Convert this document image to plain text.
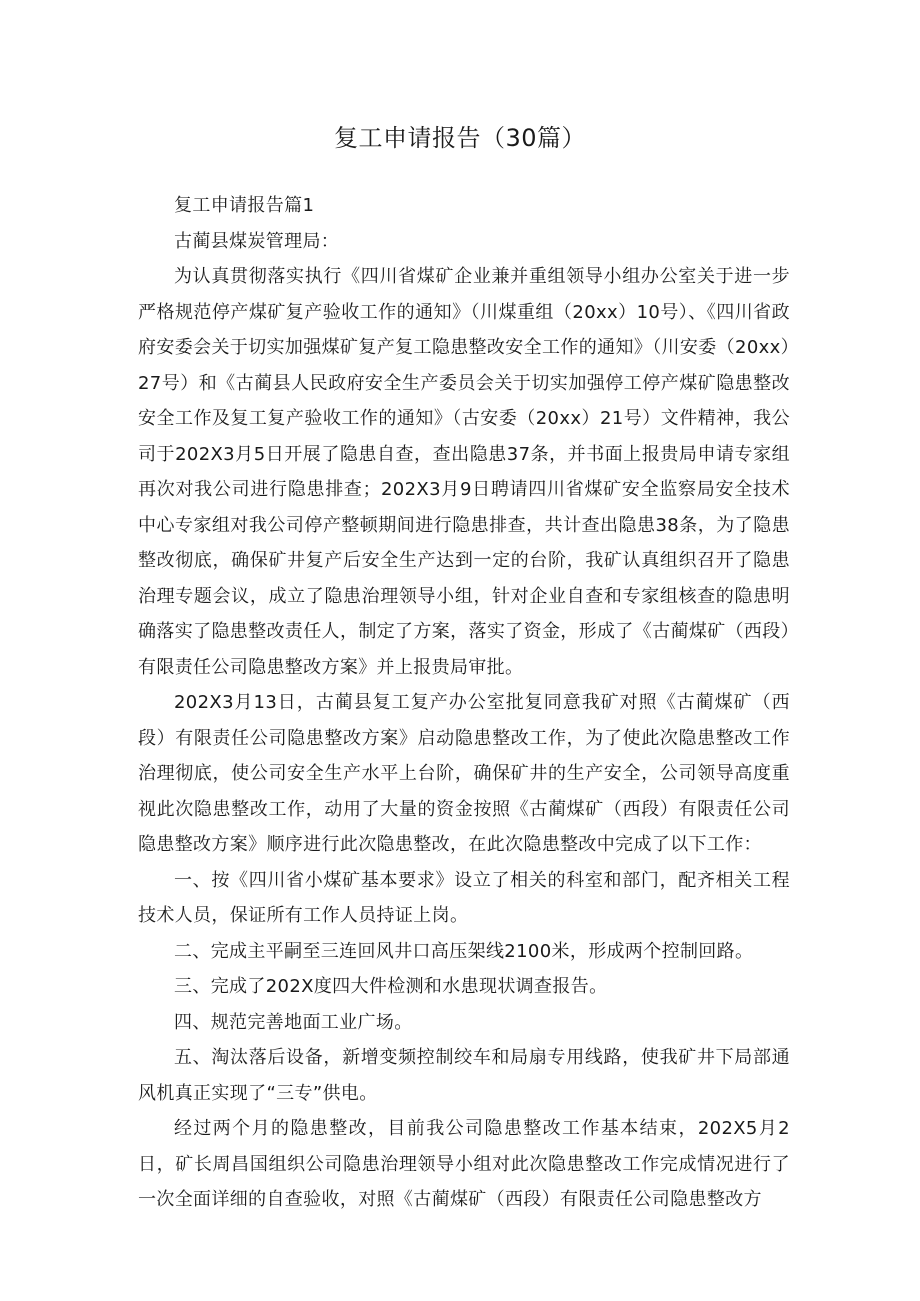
复工申请报告（30篇）

复工申请报告篇1

古蔺县煤炭管理局：

为认真贯彻落实执行《四川省煤矿企业兼并重组领导小组办公室关于进一步严格规范停产煤矿复产验收工作的通知》（川煤重组（20xx）10号）、《四川省政府安委会关于切实加强煤矿复产复工隐患整改安全工作的通知》（川安委（20xx）27号）和《古蔺县人民政府安全生产委员会关于切实加强停工停产煤矿隐患整改安全工作及复工复产验收工作的通知》（古安委（20xx）21号）文件精神，我公司于202X3月5日开展了隐患自查，查出隐患37条，并书面上报贵局申请专家组再次对我公司进行隐患排查；202X3月9日聘请四川省煤矿安全监察局安全技术中心专家组对我公司停产整顿期间进行隐患排查，共计查出隐患38条，为了隐患整改彻底，确保矿井复产后安全生产达到一定的台阶，我矿认真组织召开了隐患治理专题会议，成立了隐患治理领导小组，针对企业自查和专家组核查的隐患明确落实了隐患整改责任人，制定了方案，落实了资金，形成了《古蔺煤矿（西段）有限责任公司隐患整改方案》并上报贵局审批。

202X3月13日，古蔺县复工复产办公室批复同意我矿对照《古蔺煤矿（西段）有限责任公司隐患整改方案》启动隐患整改工作，为了使此次隐患整改工作治理彻底，使公司安全生产水平上台阶，确保矿井的生产安全，公司领导高度重视此次隐患整改工作，动用了大量的资金按照《古蔺煤矿（西段）有限责任公司隐患整改方案》顺序进行此次隐患整改，在此次隐患整改中完成了以下工作：

一、按《四川省小煤矿基本要求》设立了相关的科室和部门，配齐相关工程技术人员，保证所有工作人员持证上岗。

二、完成主平嗣至三连回风井口高压架线2100米，形成两个控制回路。

三、完成了202X度四大件检测和水患现状调查报告。

四、规范完善地面工业广场。

五、淘汰落后设备，新增变频控制绞车和局扇专用线路，使我矿井下局部通风机真正实现了“三专”供电。

经过两个月的隐患整改，目前我公司隐患整改工作基本结束，202X5月2日，矿长周昌国组织公司隐患治理领导小组对此次隐患整改工作完成情况进行了一次全面详细的自查验收，对照《古蔺煤矿（西段）有限责任公司隐患整改方
